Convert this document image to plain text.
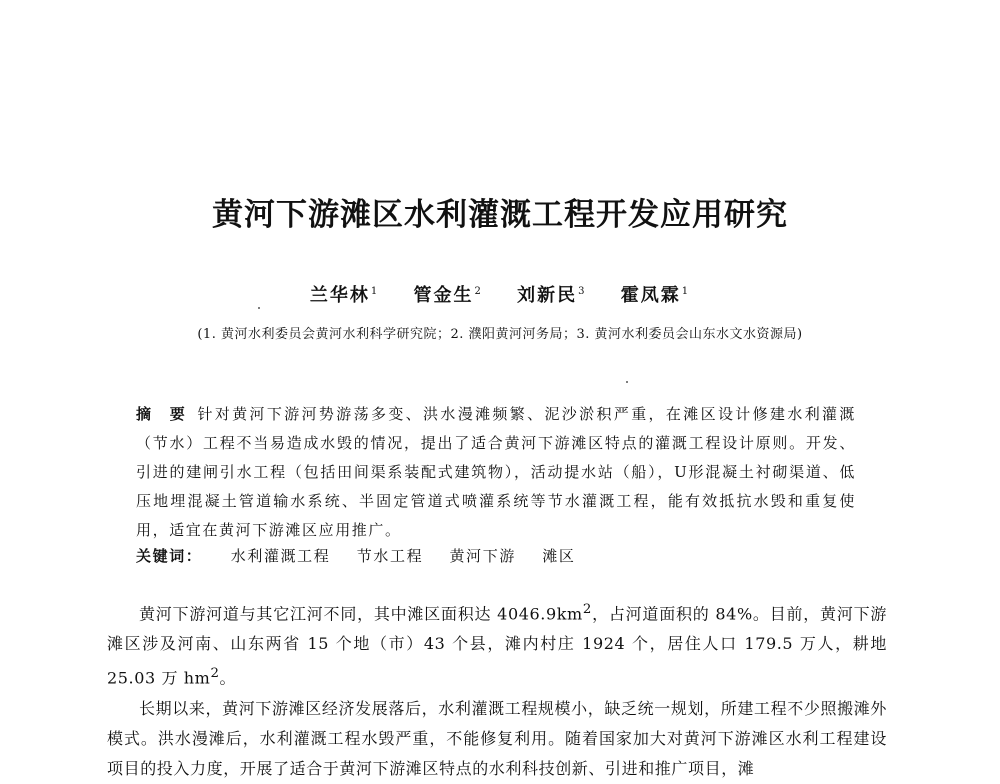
黄河下游滩区水利灌溉工程开发应用研究
兰华林$^1$ 管金生$^2$ 刘新民$^3$ 霍凤霖$^1$
(1. 黄河水利委员会黄河水利科学研究院；2. 濮阳黄河河务局；3. 黄河水利委员会山东水文水资源局)
摘 要 针对黄河下游河势游荡多变、洪水漫滩频繁、泥沙淤积严重，在滩区设计修建水利灌溉（节水）工程不当易造成水毁的情况，提出了适合黄河下游滩区特点的灌溉工程设计原则。开发、引进的建闸引水工程（包括田间渠系装配式建筑物），活动提水站（船），U形混凝土衬砌渠道、低压地埋混凝土管道输水系统、半固定管道式喷灌系统等节水灌溉工程，能有效抵抗水毁和重复使用，适宜在黄河下游滩区应用推广。
关键词： 水利灌溉工程 节水工程 黄河下游 滩区

黄河下游河道与其它江河不同，其中滩区面积达 $4046.9km^2$，占河道面积的 84%。目前，黄河下游滩区涉及河南、山东两省 15 个地（市）43 个县，滩内村庄 1924 个，居住人口 179.5 万人，耕地 25.03 万 $hm^2$。

长期以来，黄河下游滩区经济发展落后，水利灌溉工程规模小，缺乏统一规划，所建工程不少照搬滩外模式。洪水漫滩后，水利灌溉工程水毁严重，不能修复利用。随着国家加大对黄河下游滩区水利工程建设项目的投入力度，开展了适合于黄河下游滩区特点的水利科技创新、引进和推广项目，滩
